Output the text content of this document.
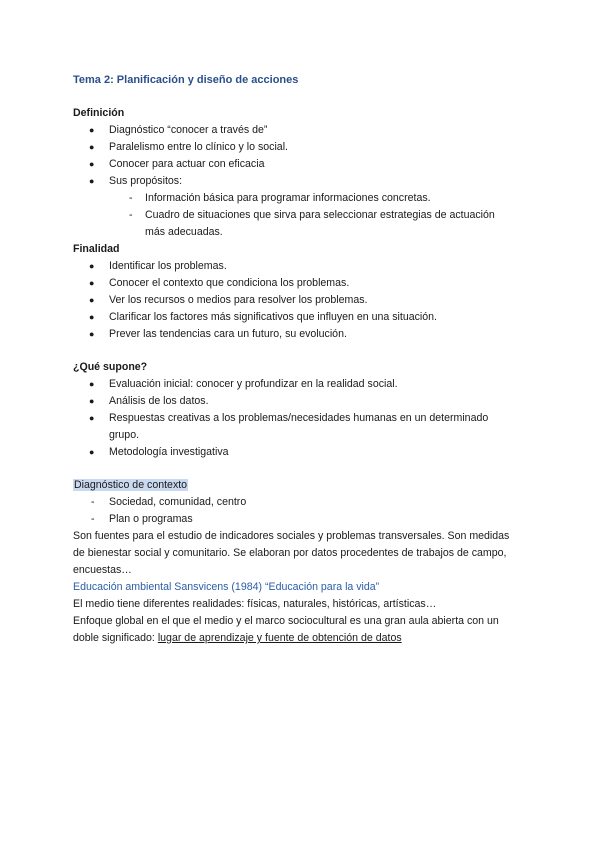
Tema 2: Planificación y diseño de acciones
Definición
● Diagnóstico “conocer a través de”
● Paralelismo entre lo clínico y lo social.
● Conocer para actuar con eficacia
● Sus propósitos:
- Información básica para programar informaciones concretas.
- Cuadro de situaciones que sirva para seleccionar estrategias de actuación
más adecuadas.
Finalidad
● Identificar los problemas.
● Conocer el contexto que condiciona los problemas.
● Ver los recursos o medios para resolver los problemas.
● Clarificar los factores más significativos que influyen en una situación.
● Prever las tendencias cara un futuro, su evolución.
¿Qué supone?
● Evaluación inicial: conocer y profundizar en la realidad social.
● Análisis de los datos.
● Respuestas creativas a los problemas/necesidades humanas en un determinado
grupo.
● Metodología investigativa
Diagnóstico de contexto
- Sociedad, comunidad, centro
- Plan o programas
Son fuentes para el estudio de indicadores sociales y problemas transversales. Son medidas
de bienestar social y comunitario. Se elaboran por datos procedentes de trabajos de campo,
encuestas…
Educación ambiental Sansvicens (1984) “Educación para la vida”
El medio tiene diferentes realidades: físicas, naturales, históricas, artísticas…
Enfoque global en el que el medio y el marco sociocultural es una gran aula abierta con un
doble significado: lugar de aprendizaje y fuente de obtención de datos
